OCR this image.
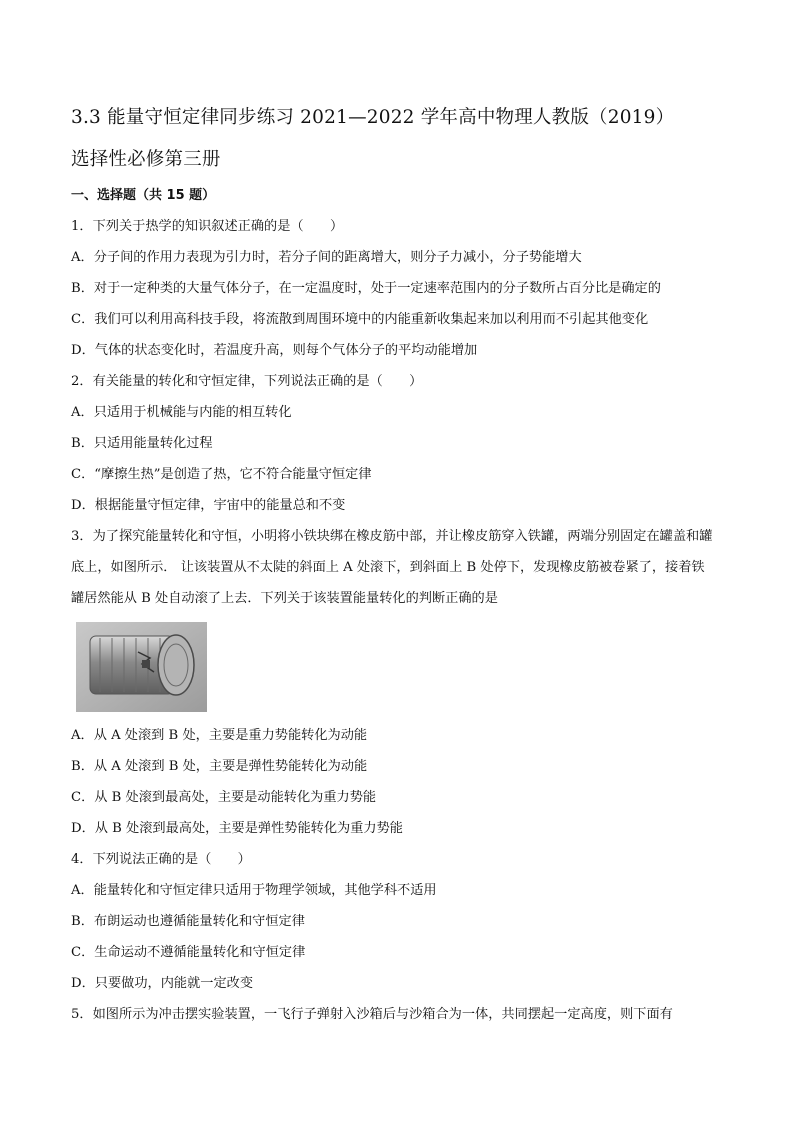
3.3 能量守恒定律同步练习 2021—2022 学年高中物理人教版（2019）
选择性必修第三册
一、选择题（共 15 题）
1．下列关于热学的知识叙述正确的是（　　）
A．分子间的作用力表现为引力时，若分子间的距离增大，则分子力减小，分子势能增大
B．对于一定种类的大量气体分子，在一定温度时，处于一定速率范围内的分子数所占百分比是确定的
C．我们可以利用高科技手段，将流散到周围环境中的内能重新收集起来加以利用而不引起其他变化
D．气体的状态变化时，若温度升高，则每个气体分子的平均动能增加
2．有关能量的转化和守恒定律，下列说法正确的是（　　）
A．只适用于机械能与内能的相互转化
B．只适用能量转化过程
C．“摩擦生热”是创造了热，它不符合能量守恒定律
D．根据能量守恒定律，宇宙中的能量总和不变
3．为了探究能量转化和守恒，小明将小铁块绑在橡皮筋中部，并让橡皮筋穿入铁罐，两端分别固定在罐盖和罐底上，如图所示． 让该装置从不太陡的斜面上 A 处滚下，到斜面上 B 处停下，发现橡皮筋被卷紧了，接着铁罐居然能从 B 处自动滚了上去．下列关于该装置能量转化的判断正确的是
A．从 A 处滚到 B 处，主要是重力势能转化为动能
B．从 A 处滚到 B 处，主要是弹性势能转化为动能
C．从 B 处滚到最高处，主要是动能转化为重力势能
D．从 B 处滚到最高处，主要是弹性势能转化为重力势能
4．下列说法正确的是（　　）
A．能量转化和守恒定律只适用于物理学领域，其他学科不适用
B．布朗运动也遵循能量转化和守恒定律
C．生命运动不遵循能量转化和守恒定律
D．只要做功，内能就一定改变
5．如图所示为冲击摆实验装置，一飞行子弹射入沙箱后与沙箱合为一体，共同摆起一定高度，则下面有
